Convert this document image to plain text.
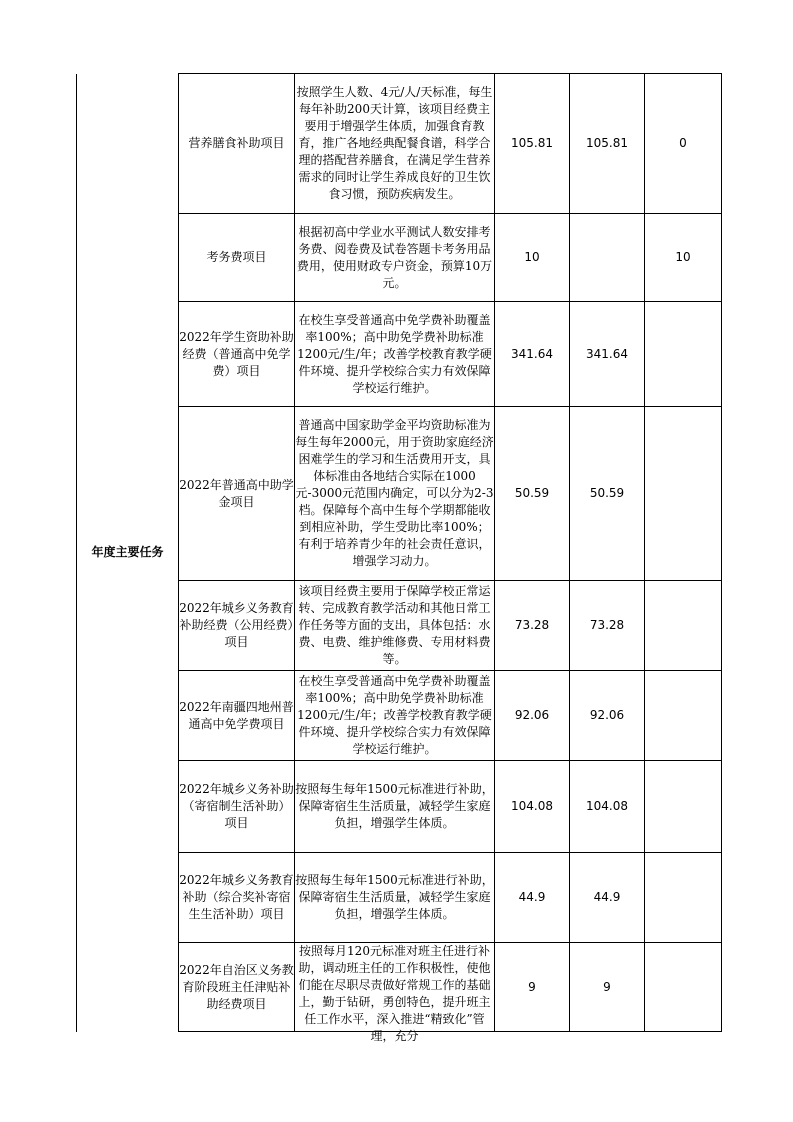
年度主要任务	营养膳食补助项目	按照学生人数、4元/人/天标准，每生每年补助200天计算，该项目经费主要用于增强学生体质，加强食育教育，推广各地经典配餐食谱，科学合理的搭配营养膳食，在满足学生营养需求的同时让学生养成良好的卫生饮食习惯，预防疾病发生。	105.81	105.81	0
	考务费项目	根据初高中学业水平测试人数安排考务费、阅卷费及试卷答题卡考务用品费用，使用财政专户资金，预算10万元。	10		10
	2022年学生资助补助经费（普通高中免学费）项目	在校生享受普通高中免学费补助覆盖率100%；高中助免学费补助标准1200元/生/年；改善学校教育教学硬件环境、提升学校综合实力有效保障学校运行维护。	341.64	341.64	
	2022年普通高中助学金项目	普通高中国家助学金平均资助标准为每生每年2000元，用于资助家庭经济困难学生的学习和生活费用开支，具体标准由各地结合实际在1000元-3000元范围内确定，可以分为2-3档。保障每个高中生每个学期都能收到相应补助，学生受助比率100%；有利于培养青少年的社会责任意识，增强学习动力。	50.59	50.59	
	2022年城乡义务教育补助经费（公用经费）项目	该项目经费主要用于保障学校正常运转、完成教育教学活动和其他日常工作任务等方面的支出，具体包括：水费、电费、维护维修费、专用材料费等。	73.28	73.28	
	2022年南疆四地州普通高中免学费项目	在校生享受普通高中免学费补助覆盖率100%；高中助免学费补助标准1200元/生/年；改善学校教育教学硬件环境、提升学校综合实力有效保障学校运行维护。	92.06	92.06	
	2022年城乡义务补助（寄宿制生活补助）项目	按照每生每年1500元标准进行补助，保障寄宿生生活质量，减轻学生家庭负担，增强学生体质。	104.08	104.08	
	2022年城乡义务教育补助（综合奖补寄宿生生活补助）项目	按照每生每年1500元标准进行补助，保障寄宿生生活质量，减轻学生家庭负担，增强学生体质。	44.9	44.9	
	2022年自治区义务教育阶段班主任津贴补助经费项目	按照每月120元标准对班主任进行补助，调动班主任的工作积极性，使他们能在尽职尽责做好常规工作的基础上，勤于钻研，勇创特色，提升班主任工作水平，深入推进“精致化”管理，充分	9	9	
